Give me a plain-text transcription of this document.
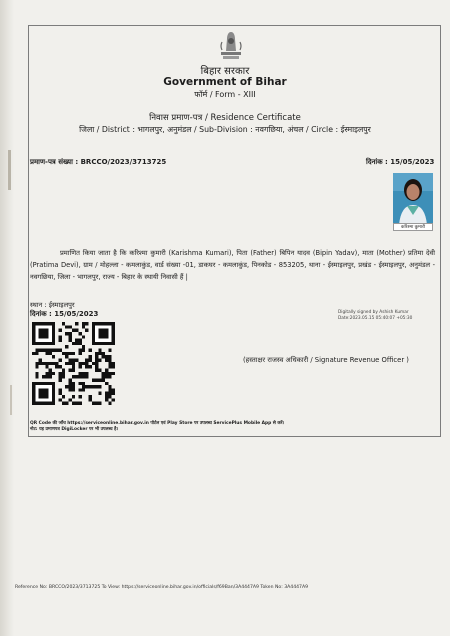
बिहार सरकार
Government of Bihar
फॉर्म / Form - XIII
निवास प्रमाण-पत्र / Residence Certificate
जिला / District : भागलपुर, अनुमंडल / Sub-Division : नवगछिया, अंचल / Circle : ईस्माइलपुर
प्रमाण-पत्र संख्या : BRCCO/2023/3713725	दिनांक : 15/05/2023
करिश्मा कुमारी

प्रमाणित किया जाता है कि करिश्मा कुमारी (Karishma Kumari), पिता (Father) बिपिन यादव (Bipin Yadav), माता (Mother) प्रतिमा देवी (Pratima Devi), ग्राम / मोहल्ला - कमलाकुंड, वार्ड संख्या -01, डाकघर - कमलाकुंड, पिनकोड - 853205, थाना - ईस्माइलपुर, प्रखंड - ईस्माइलपुर, अनुमंडल - नवगछिया, जिला - भागलपुर, राज्य - बिहार के स्थायी निवासी हैं |

स्थान : ईस्माइलपुर
दिनांक : 15/05/2023	Digitally signed by Ashish Kumar
Date:2023.05.15 05:40:07 +05:30
(हस्ताक्षर राजस्व अधिकारी / Signature Revenue Officer )
QR Code की जाँच https://serviceonline.bihar.gov.in पोर्टल एवं Play Store पर उपलब्ध ServicePlus Mobile App से करें।
नोट: यह प्रमाणपत्र DigiLocker पर भी उपलब्ध है।
Reference No: BRCCO/2023/3713725 To View: https://serviceonline.bihar.gov.in/officials/f69Ban/3A4447A9 Token No: 3A4447A9
